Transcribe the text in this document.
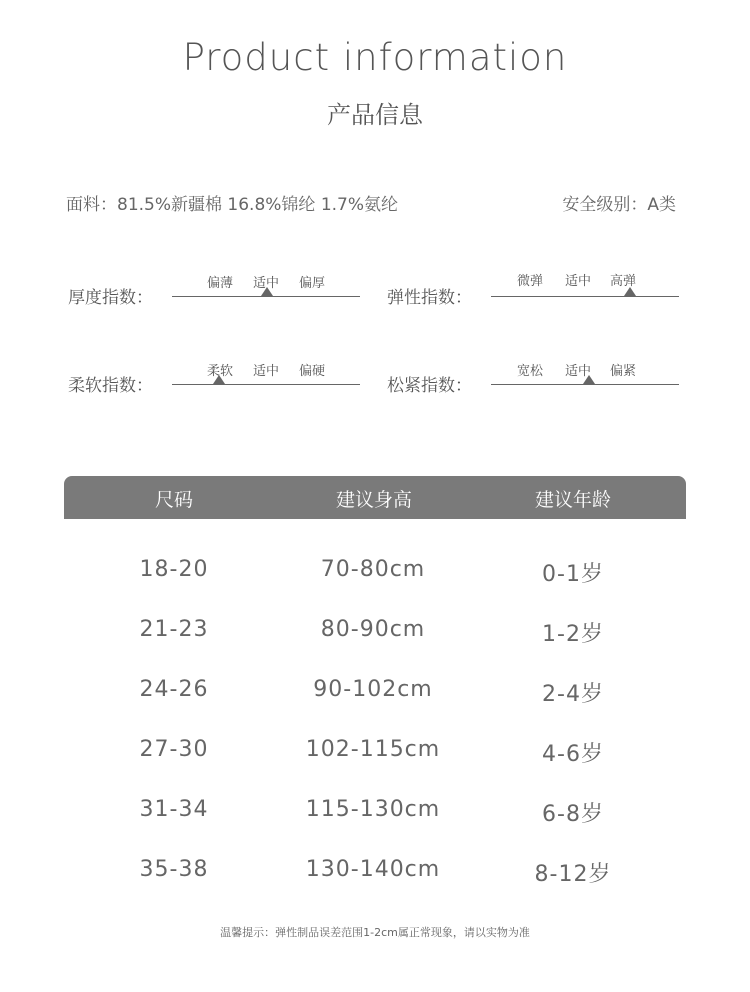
Product information
产品信息
面料：81.5%新疆棉 16.8%锦纶 1.7%氨纶	安全级别：A类
厚度指数：
偏薄	适中	偏厚
弹性指数：
微弹	适中	高弹
柔软指数：
柔软	适中	偏硬
松紧指数：
宽松	适中	偏紧
尺码	建议身高	建议年龄
18-20	70-80cm	0-1岁
21-23	80-90cm	1-2岁
24-26	90-102cm	2-4岁
27-30	102-115cm	4-6岁
31-34	115-130cm	6-8岁
35-38	130-140cm	8-12岁
温馨提示：弹性制品误差范围1-2cm属正常现象，请以实物为准
